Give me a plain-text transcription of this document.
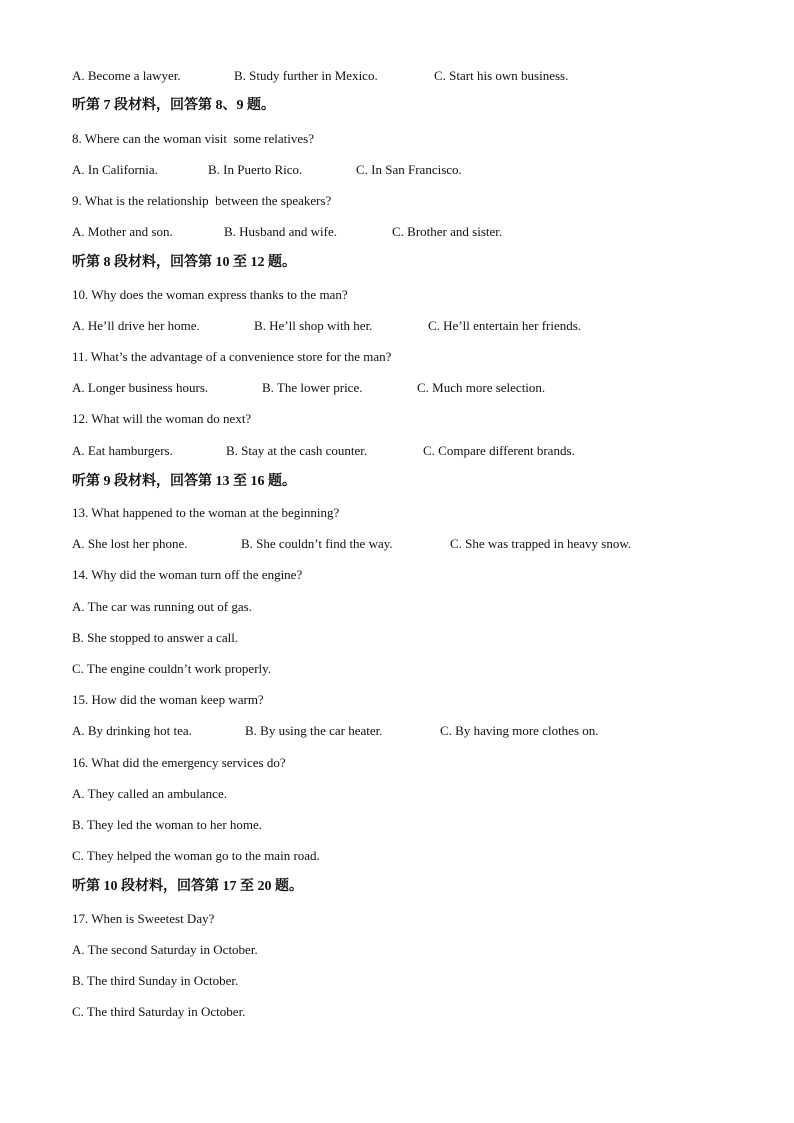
A. Become a lawyer.

	B. Study further in Mexico.

	C. Start his own business.

听第 7 段材料，回答第 8、9 题。
8. Where can the woman visit  some relatives?

A. In California.

	B. In Puerto Rico.

	C. In San Francisco.

9. What is the relationship  between the speakers?

A. Mother and son.

	B. Husband and wife.

	C. Brother and sister.

听第 8 段材料，回答第 10 至 12 题。
10. Why does the woman express thanks to the man?

A. He’ll drive her home.

	B. He’ll shop with her.

	C. He’ll entertain her friends.

11. What’s the advantage of a convenience store for the man?

A. Longer business hours.

	B. The lower price.

	C. Much more selection.

12. What will the woman do next?

A. Eat hamburgers.

	B. Stay at the cash counter.

	C. Compare different brands.

听第 9 段材料，回答第 13 至 16 题。
13. What happened to the woman at the beginning?

A. She lost her phone.

	B. She couldn’t find the way.

	C. She was trapped in heavy snow.

14. Why did the woman turn off the engine?
A. The car was running out of gas.
B. She stopped to answer a call.
C. The engine couldn’t work properly.
15. How did the woman keep warm?

A. By drinking hot tea.

	B. By using the car heater.

	C. By having more clothes on.

16. What did the emergency services do?
A. They called an ambulance.
B. They led the woman to her home.
C. They helped the woman go to the main road.
听第 10 段材料，回答第 17 至 20 题。
17. When is Sweetest Day?
A. The second Saturday in October.
B. The third Sunday in October.
C. The third Saturday in October.
